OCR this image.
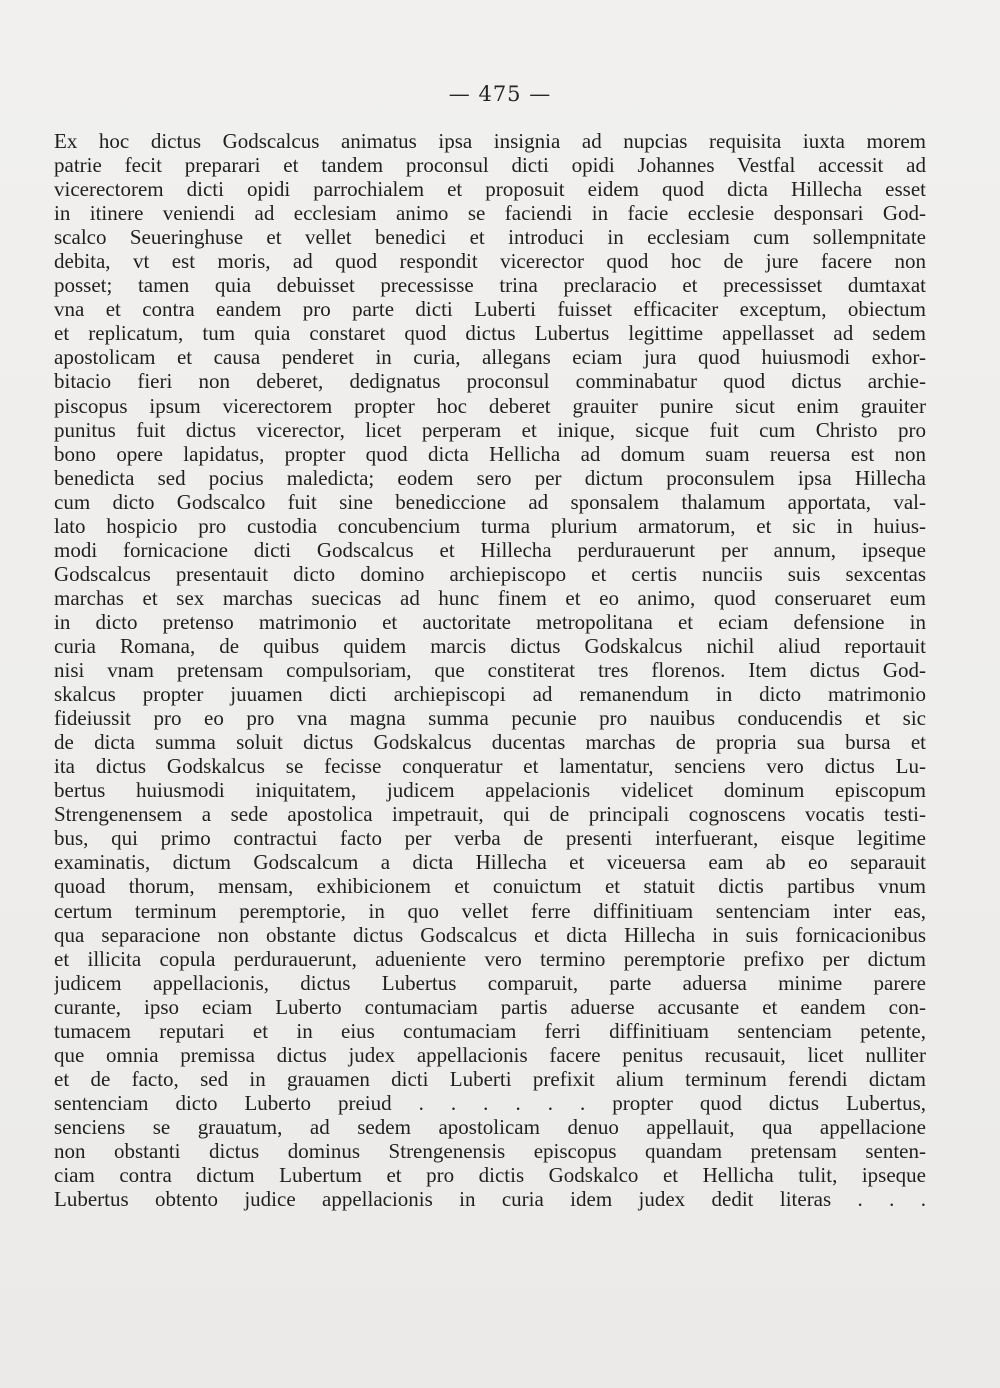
— 475 —
Ex hoc dictus Godscalcus animatus ipsa insignia ad nupcias requisita iuxta morem
patrie fecit preparari et tandem proconsul dicti opidi Johannes Vestfal accessit ad
vicerectorem dicti opidi parrochialem et proposuit eidem quod dicta Hillecha esset
in itinere veniendi ad ecclesiam animo se faciendi in facie ecclesie desponsari God-
scalco Seueringhuse et vellet benedici et introduci in ecclesiam cum sollempnitate
debita, vt est moris, ad quod respondit vicerector quod hoc de jure facere non
posset; tamen quia debuisset precessisse trina preclaracio et precessisset dumtaxat
vna et contra eandem pro parte dicti Luberti fuisset efficaciter exceptum, obiectum
et replicatum, tum quia constaret quod dictus Lubertus legittime appellasset ad sedem
apostolicam et causa penderet in curia, allegans eciam jura quod huiusmodi exhor-
bitacio fieri non deberet, dedignatus proconsul comminabatur quod dictus archie-
piscopus ipsum vicerectorem propter hoc deberet grauiter punire sicut enim grauiter
punitus fuit dictus vicerector, licet perperam et inique, sicque fuit cum Christo pro
bono opere lapidatus, propter quod dicta Hellicha ad domum suam reuersa est non
benedicta sed pocius maledicta; eodem sero per dictum proconsulem ipsa Hillecha
cum dicto Godscalco fuit sine benediccione ad sponsalem thalamum apportata, val-
lato hospicio pro custodia concubencium turma plurium armatorum, et sic in huius-
modi fornicacione dicti Godscalcus et Hillecha perdurauerunt per annum, ipseque
Godscalcus presentauit dicto domino archiepiscopo et certis nunciis suis sexcentas
marchas et sex marchas suecicas ad hunc finem et eo animo, quod conseruaret eum
in dicto pretenso matrimonio et auctoritate metropolitana et eciam defensione in
curia Romana, de quibus quidem marcis dictus Godskalcus nichil aliud reportauit
nisi vnam pretensam compulsoriam, que constiterat tres florenos. Item dictus God-
skalcus propter juuamen dicti archiepiscopi ad remanendum in dicto matrimonio
fideiussit pro eo pro vna magna summa pecunie pro nauibus conducendis et sic
de dicta summa soluit dictus Godskalcus ducentas marchas de propria sua bursa et
ita dictus Godskalcus se fecisse conqueratur et lamentatur, senciens vero dictus Lu-
bertus huiusmodi iniquitatem, judicem appelacionis videlicet dominum episcopum
Strengenensem a sede apostolica impetrauit, qui de principali cognoscens vocatis testi-
bus, qui primo contractui facto per verba de presenti interfuerant, eisque legitime
examinatis, dictum Godscalcum a dicta Hillecha et viceuersa eam ab eo separauit
quoad thorum, mensam, exhibicionem et conuictum et statuit dictis partibus vnum
certum terminum peremptorie, in quo vellet ferre diffinitiuam sentenciam inter eas,
qua separacione non obstante dictus Godscalcus et dicta Hillecha in suis fornicacionibus
et illicita copula perdurauerunt, adueniente vero termino peremptorie prefixo per dictum
judicem appellacionis, dictus Lubertus comparuit, parte aduersa minime parere
curante, ipso eciam Luberto contumaciam partis aduerse accusante et eandem con-
tumacem reputari et in eius contumaciam ferri diffinitiuam sentenciam petente,
que omnia premissa dictus judex appellacionis facere penitus recusauit, licet nulliter
et de facto, sed in grauamen dicti Luberti prefixit alium terminum ferendi dictam
sentenciam dicto Luberto preiud . . . . . . propter quod dictus Lubertus,
senciens se grauatum, ad sedem apostolicam denuo appellauit, qua appellacione
non obstanti dictus dominus Strengenensis episcopus quandam pretensam senten-
ciam contra dictum Lubertum et pro dictis Godskalco et Hellicha tulit, ipseque
Lubertus obtento judice appellacionis in curia idem judex dedit literas . . .
